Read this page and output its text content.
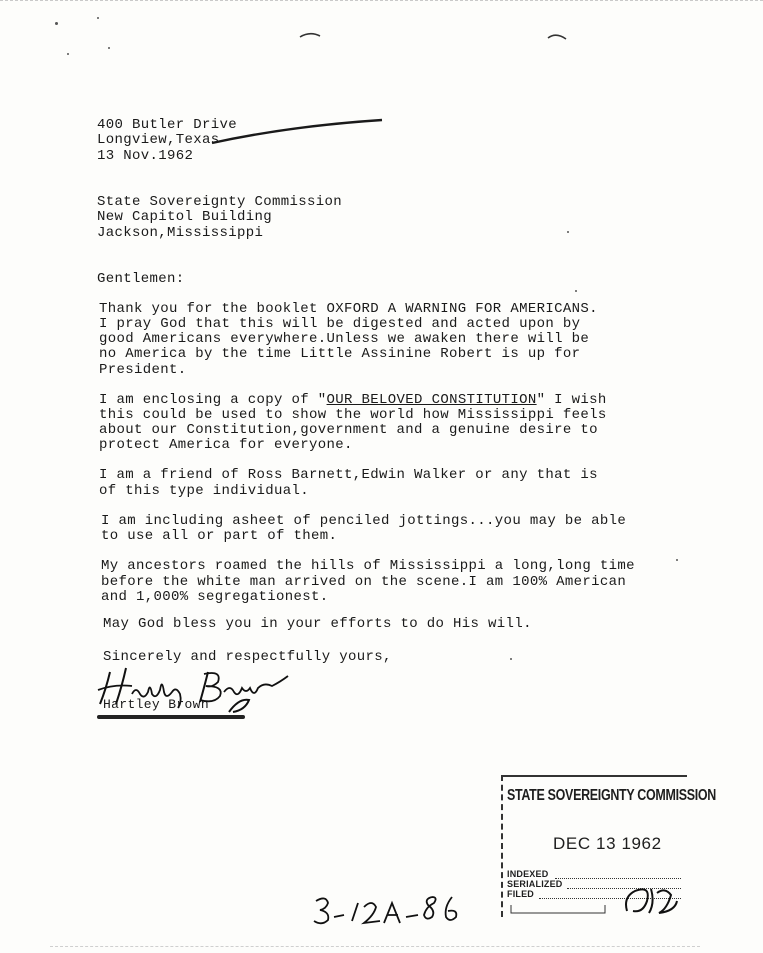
400 Butler Drive
Longview,Texas
13 Nov.1962
State Sovereignty Commission
New Capitol Building
Jackson,Mississippi
Gentlemen:
Thank you for the booklet OXFORD A WARNING FOR AMERICANS.
I pray God that this will be digested and acted upon by
good Americans everywhere.Unless we awaken there will be
no America by the time Little Assinine Robert is up for
President.
I am enclosing a copy of "OUR BELOVED CONSTITUTION" I wish
this could be used to show the world how Mississippi feels
about our Constitution,government and a genuine desire to
protect America for everyone.
I am a friend of Ross Barnett,Edwin Walker or any that is
of this type individual.
I am including asheet of penciled jottings...you may be able
to use all or part of them.
My ancestors roamed the hills of Mississippi a long,long time
before the white man arrived on the scene.I am 100% American
and 1,000% segregationest.
May God bless you in your efforts to do His will.
Sincerely and respectfully yours,
Hartley Brown
STATE SOVEREIGNTY COMMISSION
DEC 13 1962
INDEXED
SERIALIZED
FILED
